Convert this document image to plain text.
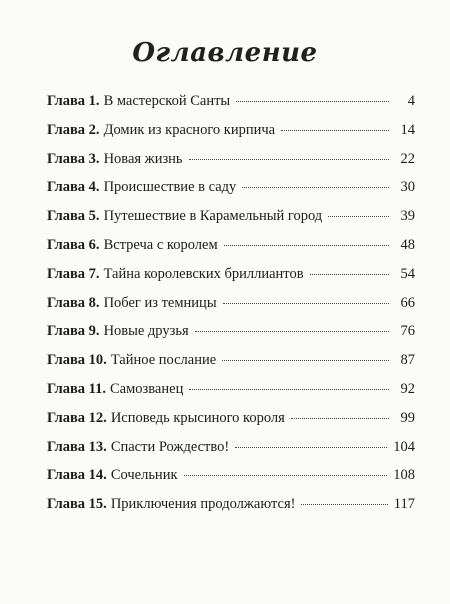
Оглавление
Глава 1. В мастерской Санты	4
Глава 2. Домик из красного кирпича	14
Глава 3. Новая жизнь	22
Глава 4. Происшествие в саду	30
Глава 5. Путешествие в Карамельный город	39
Глава 6. Встреча с королем	48
Глава 7. Тайна королевских бриллиантов	54
Глава 8. Побег из темницы	66
Глава 9. Новые друзья	76
Глава 10. Тайное послание	87
Глава 11. Самозванец	92
Глава 12. Исповедь крысиного короля	99
Глава 13. Спасти Рождество!	104
Глава 14. Сочельник	108
Глава 15. Приключения продолжаются!	117
